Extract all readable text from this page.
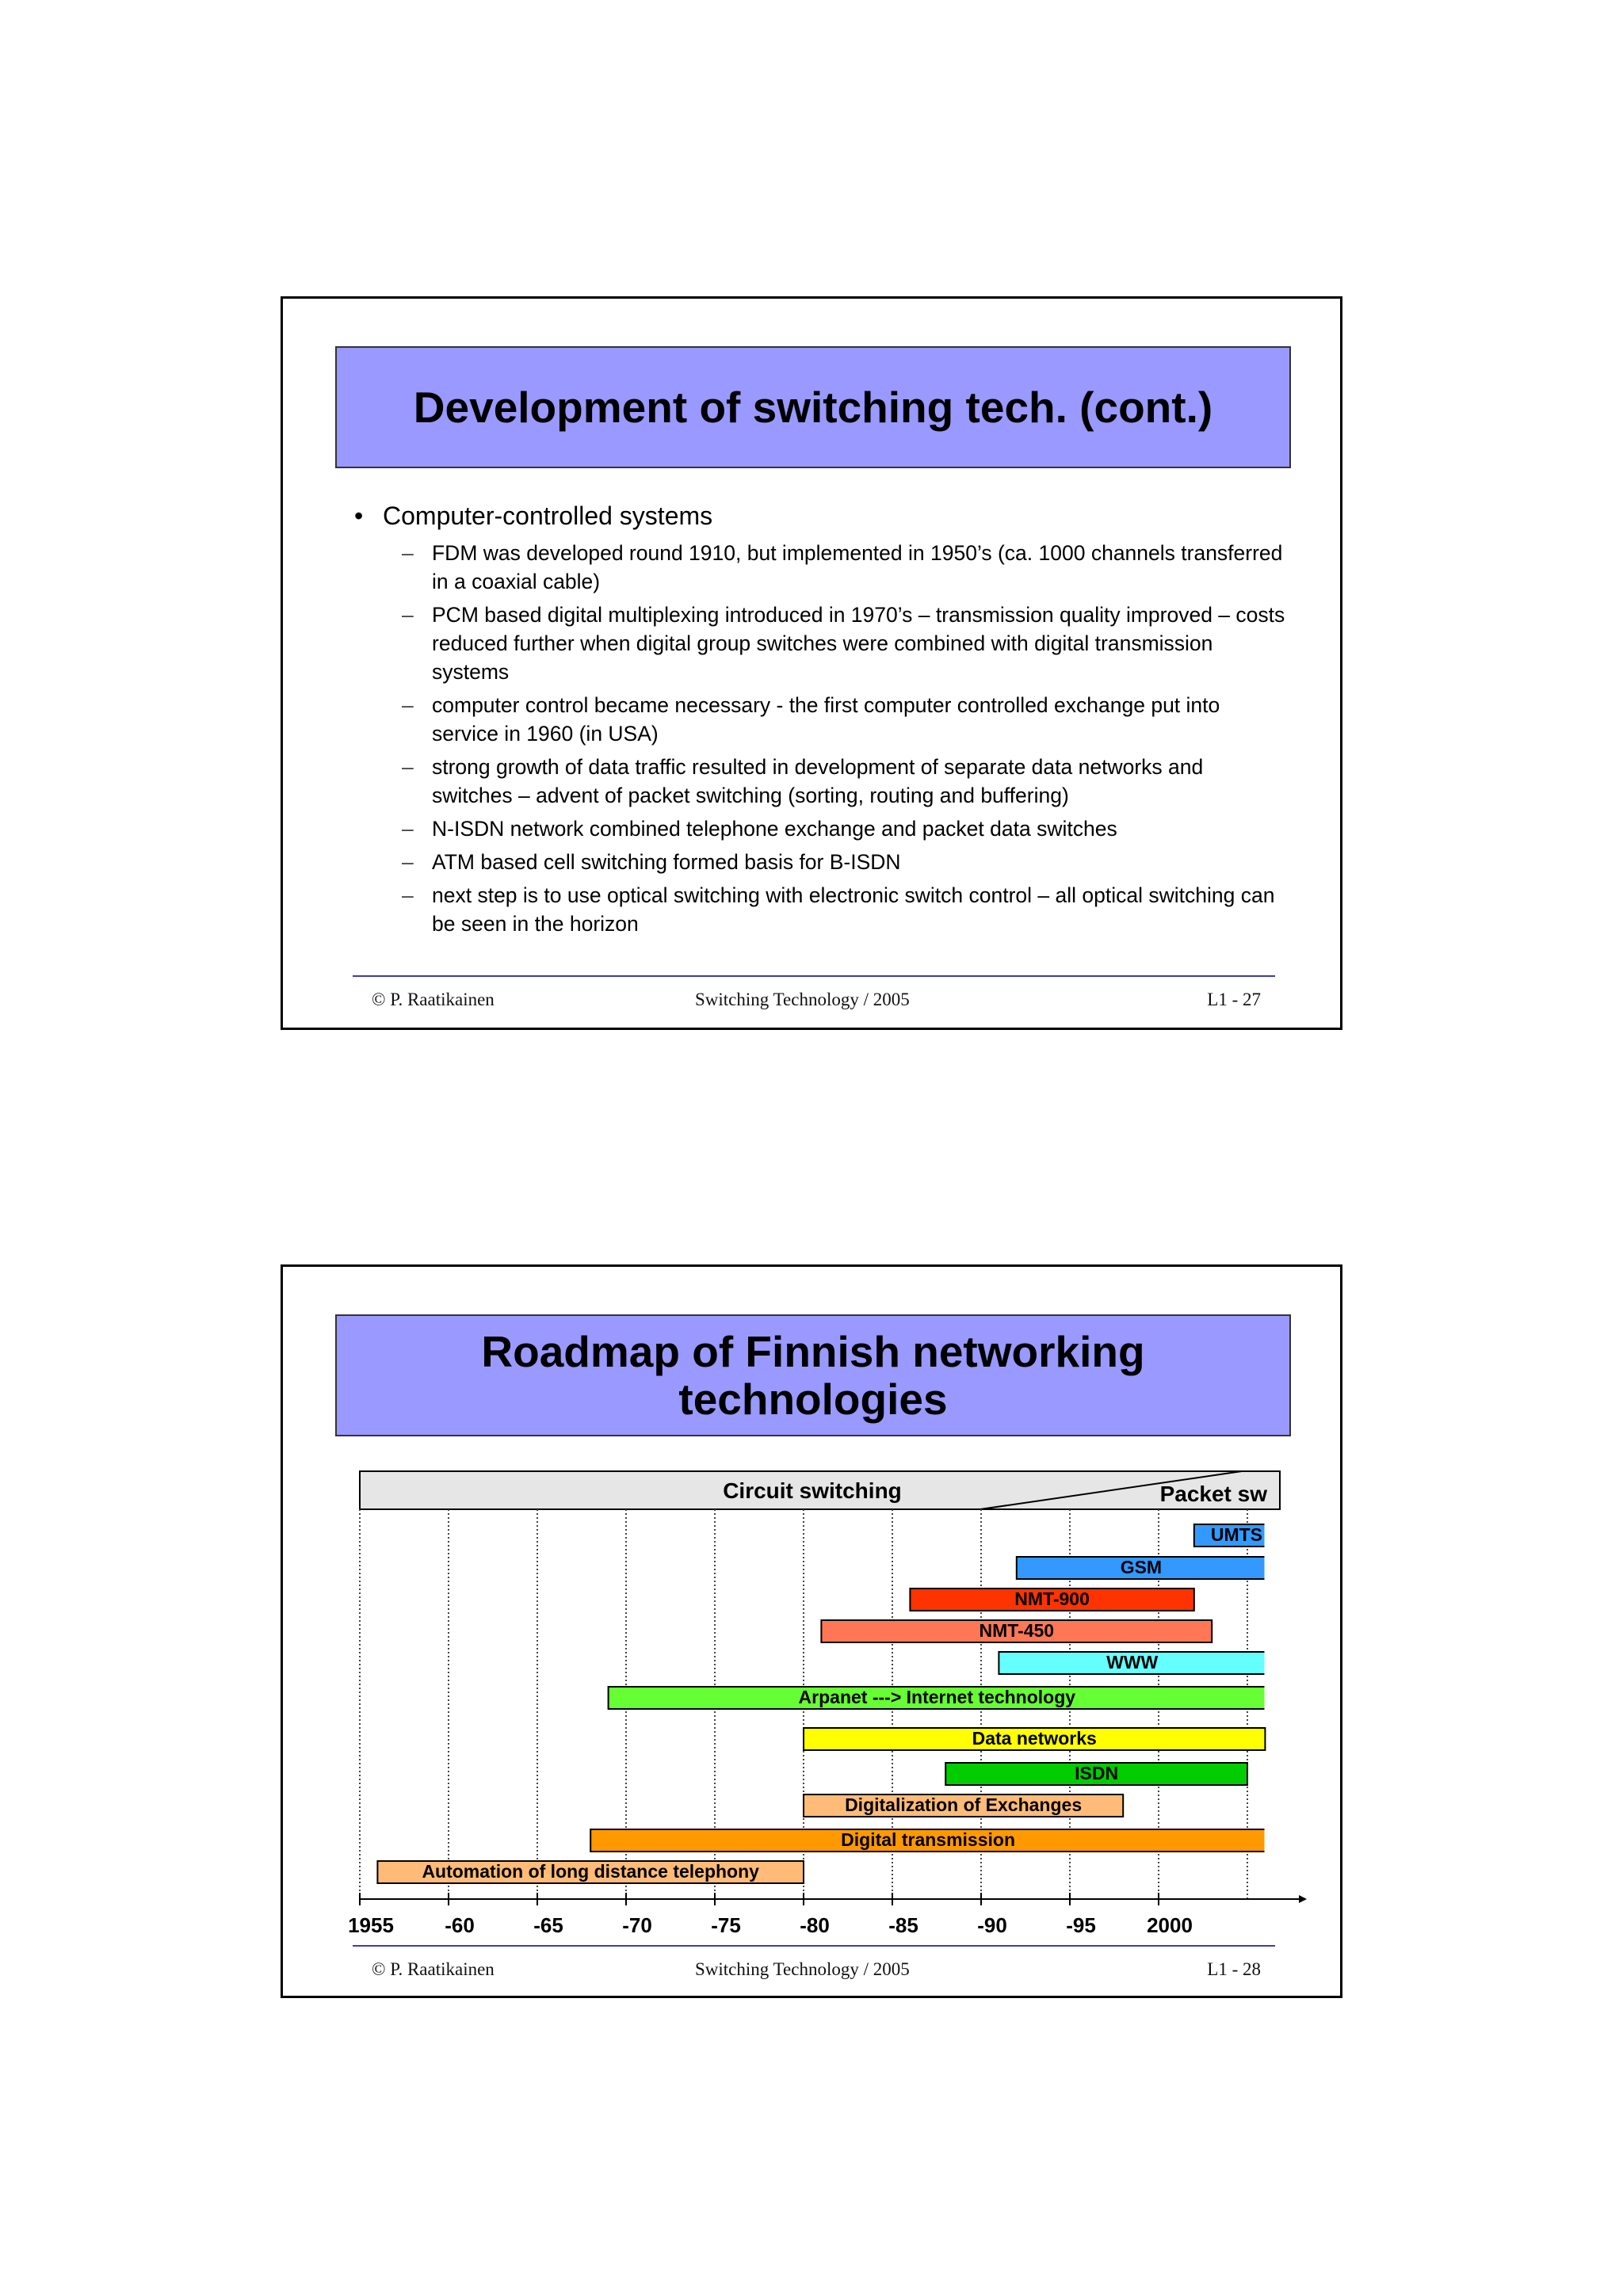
Development of switching tech. (cont.)
• Computer-controlled systems
– FDM was developed round 1910, but implemented in 1950’s (ca. 1000 channels transferred in a coaxial cable)
– PCM based digital multiplexing introduced in 1970’s – transmission quality improved – costs reduced further when digital group switches were combined with digital transmission systems
– computer control became necessary - the first computer controlled exchange put into service in 1960 (in USA)
– strong growth of data traffic resulted in development of separate data networks and switches – advent of packet switching (sorting, routing and buffering)
– N-ISDN network combined telephone exchange and packet data switches
– ATM based cell switching formed basis for B-ISDN
– next step is to use optical switching with electronic switch control – all optical switching can be seen in the horizon
© P. Raatikainen	Switching Technology / 2005	L1 - 27
Roadmap of Finnish networking
technologies
Circuit switching	Packet sw
UMTS
GSM
NMT-900
NMT-450
WWW
Arpanet ---> Internet technology
Data networks
ISDN
Digitalization of Exchanges
Digital transmission
Automation of long distance telephony
1955 -60	-65	-70	-75	-80	-85	-90	-95 2000
© P. Raatikainen	Switching Technology / 2005	L1 - 28
